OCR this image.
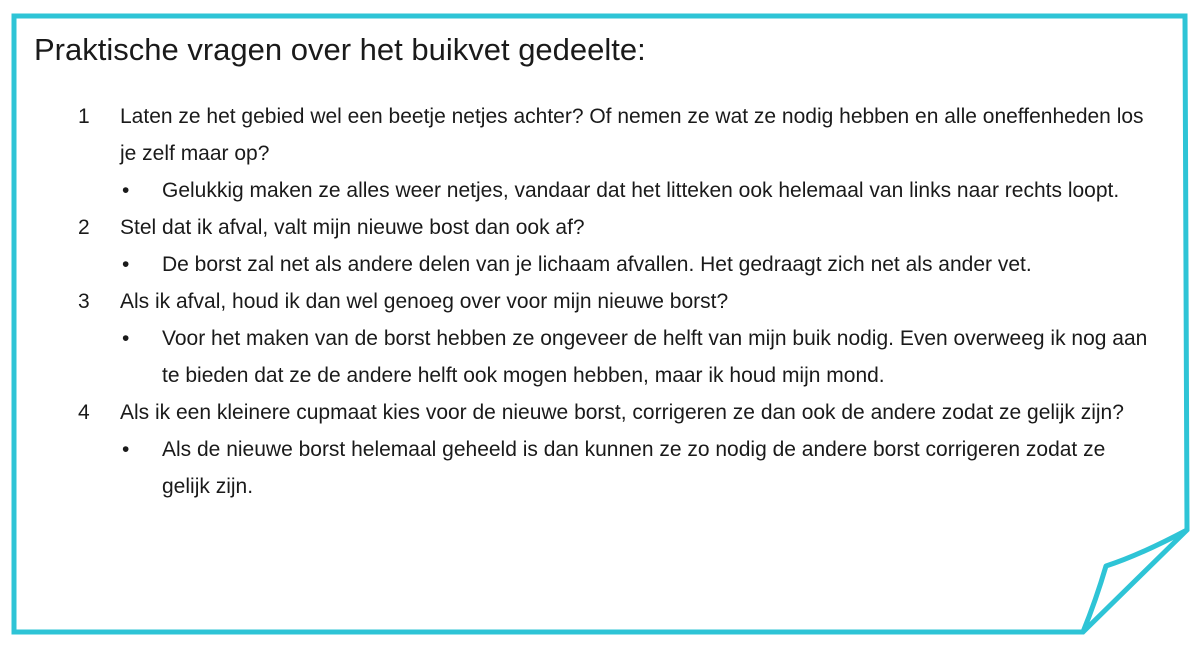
Praktische vragen over het buikvet gedeelte:
1 Laten ze het gebied wel een beetje netjes achter? Of nemen ze wat ze nodig hebben en alle oneffenheden los je zelf maar op?

• Gelukkig maken ze alles weer netjes, vandaar dat het litteken ook helemaal van links naar rechts loopt.

2 Stel dat ik afval, valt mijn nieuwe bost dan ook af?

• De borst zal net als andere delen van je lichaam afvallen. Het gedraagt zich net als ander vet.

3 Als ik afval, houd ik dan wel genoeg over voor mijn nieuwe borst?

• Voor het maken van de borst hebben ze ongeveer de helft van mijn buik nodig. Even overweeg ik nog aan te bieden dat ze de andere helft ook mogen hebben, maar ik houd mijn mond.

4 Als ik een kleinere cupmaat kies voor de nieuwe borst, corrigeren ze dan ook de andere zodat ze gelijk zijn?

• Als de nieuwe borst helemaal geheeld is dan kunnen ze zo nodig de andere borst corrigeren zodat ze gelijk zijn.
